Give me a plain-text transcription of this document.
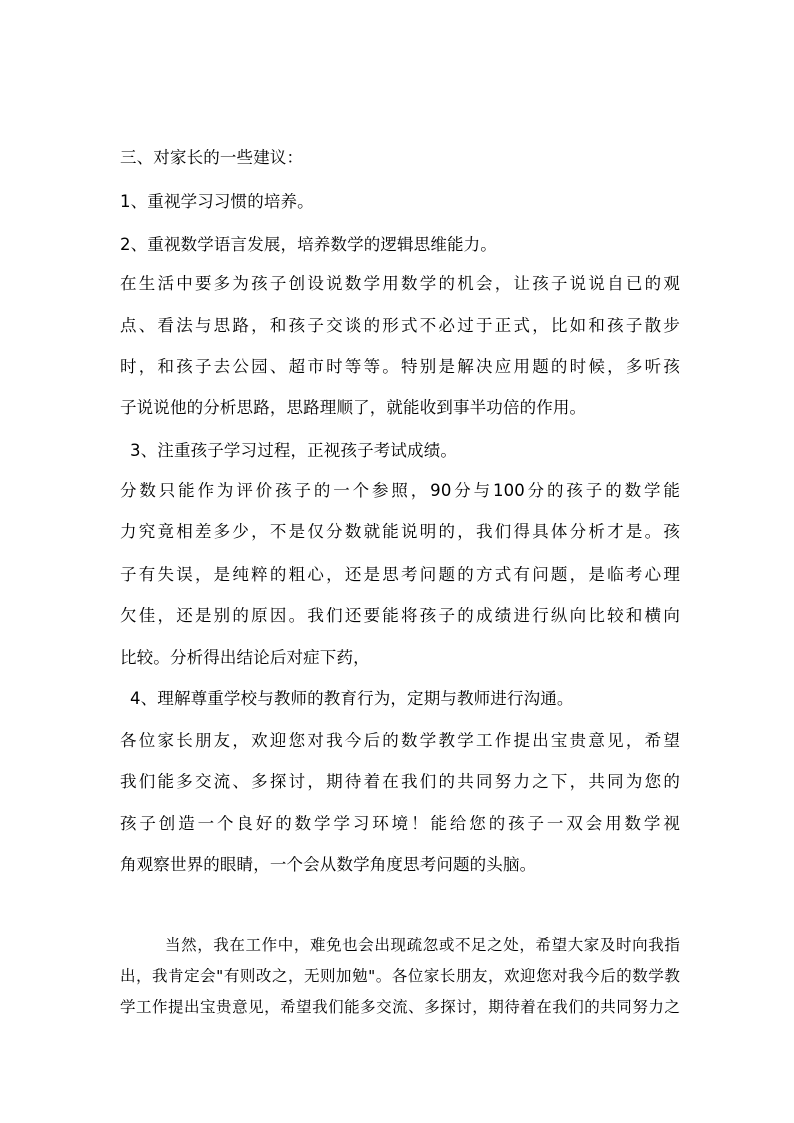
三、对家长的一些建议：
1、重视学习习惯的培养。
2、重视数学语言发展，培养数学的逻辑思维能力。
在生活中要多为孩子创设说数学用数学的机会，让孩子说说自已的观
点、看法与思路，和孩子交谈的形式不必过于正式，比如和孩子散步
时，和孩子去公园、超市时等等。特别是解决应用题的时候，多听孩
子说说他的分析思路，思路理顺了，就能收到事半功倍的作用。
3、注重孩子学习过程，正视孩子考试成绩。
分数只能作为评价孩子的一个参照，90分与100分的孩子的数学能
力究竟相差多少，不是仅分数就能说明的，我们得具体分析才是。孩
子有失误，是纯粹的粗心，还是思考问题的方式有问题，是临考心理
欠佳，还是别的原因。我们还要能将孩子的成绩进行纵向比较和横向
比较。分析得出结论后对症下药，
4、理解尊重学校与教师的教育行为，定期与教师进行沟通。
各位家长朋友，欢迎您对我今后的数学教学工作提出宝贵意见，希望
我们能多交流、多探讨，期待着在我们的共同努力之下，共同为您的
孩子创造一个良好的数学学习环境！能给您的孩子一双会用数学视
角观察世界的眼睛，一个会从数学角度思考问题的头脑。
当然，我在工作中，难免也会出现疏忽或不足之处，希望大家及时向我指
出，我肯定会"有则改之，无则加勉"。各位家长朋友，欢迎您对我今后的数学教
学工作提出宝贵意见，希望我们能多交流、多探讨，期待着在我们的共同努力之
